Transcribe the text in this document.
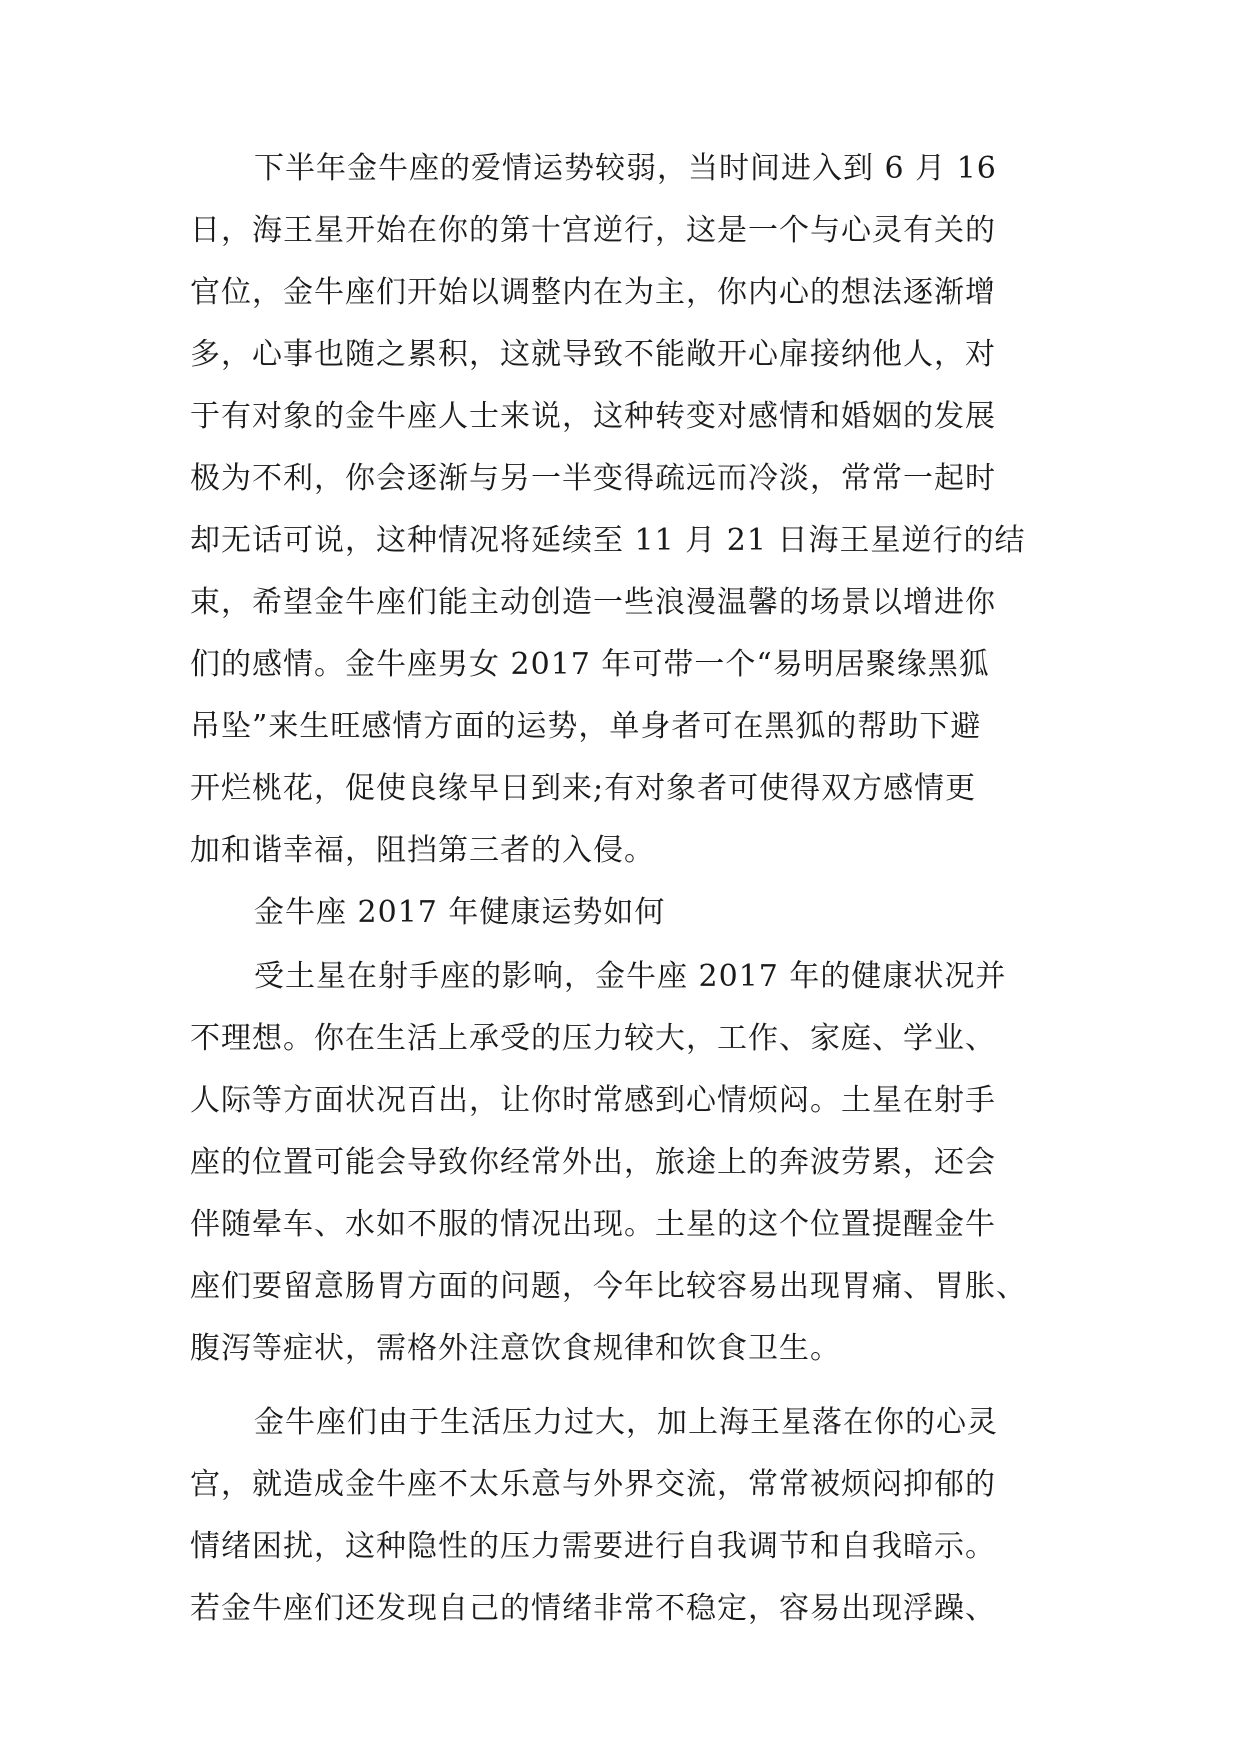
下半年金牛座的爱情运势较弱，当时间进入到 6 月 16
日，海王星开始在你的第十宫逆行，这是一个与心灵有关的
官位，金牛座们开始以调整内在为主，你内心的想法逐渐增
多，心事也随之累积，这就导致不能敞开心扉接纳他人，对
于有对象的金牛座人士来说，这种转变对感情和婚姻的发展
极为不利，你会逐渐与另一半变得疏远而冷淡，常常一起时
却无话可说，这种情况将延续至 11 月 21 日海王星逆行的结
束，希望金牛座们能主动创造一些浪漫温馨的场景以增进你
们的感情。金牛座男女 2017 年可带一个“易明居聚缘黑狐
吊坠”来生旺感情方面的运势，单身者可在黑狐的帮助下避
开烂桃花，促使良缘早日到来;有对象者可使得双方感情更
加和谐幸福，阻挡第三者的入侵。
金牛座 2017 年健康运势如何
受土星在射手座的影响，金牛座 2017 年的健康状况并
不理想。你在生活上承受的压力较大，工作、家庭、学业、
人际等方面状况百出，让你时常感到心情烦闷。土星在射手
座的位置可能会导致你经常外出，旅途上的奔波劳累，还会
伴随晕车、水如不服的情况出现。土星的这个位置提醒金牛
座们要留意肠胃方面的问题，今年比较容易出现胃痛、胃胀、
腹泻等症状，需格外注意饮食规律和饮食卫生。
金牛座们由于生活压力过大，加上海王星落在你的心灵
宫，就造成金牛座不太乐意与外界交流，常常被烦闷抑郁的
情绪困扰，这种隐性的压力需要进行自我调节和自我暗示。
若金牛座们还发现自己的情绪非常不稳定，容易出现浮躁、
